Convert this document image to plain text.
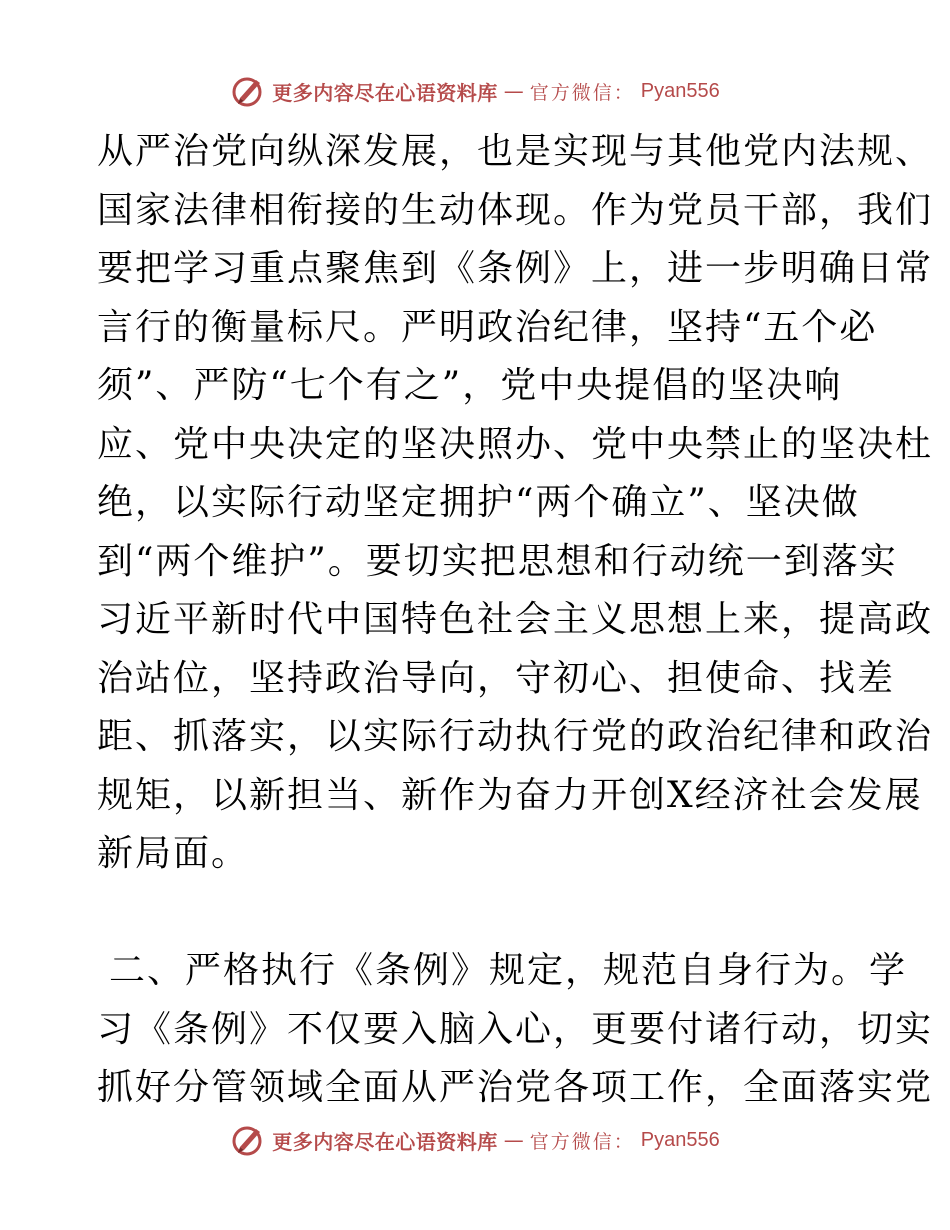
更多内容尽在心语资料库 — 官方微信： Pyan556
从严治党向纵深发展，也是实现与其他党内法规、
国家法律相衔接的生动体现。作为党员干部，我们
要把学习重点聚焦到《条例》上，进一步明确日常
言行的衡量标尺。严明政治纪律，坚持“五个必
须”、严防“七个有之”，党中央提倡的坚决响
应、党中央决定的坚决照办、党中央禁止的坚决杜
绝，以实际行动坚定拥护“两个确立”、坚决做
到“两个维护”。要切实把思想和行动统一到落实
习近平新时代中国特色社会主义思想上来，提高政
治站位，坚持政治导向，守初心、担使命、找差
距、抓落实，以实际行动执行党的政治纪律和政治
规矩，以新担当、新作为奋力开创X经济社会发展
新局面。
二、严格执行《条例》规定，规范自身行为。学
习《条例》不仅要入脑入心，更要付诸行动，切实
抓好分管领域全面从严治党各项工作，全面落实党
更多内容尽在心语资料库 — 官方微信： Pyan556
